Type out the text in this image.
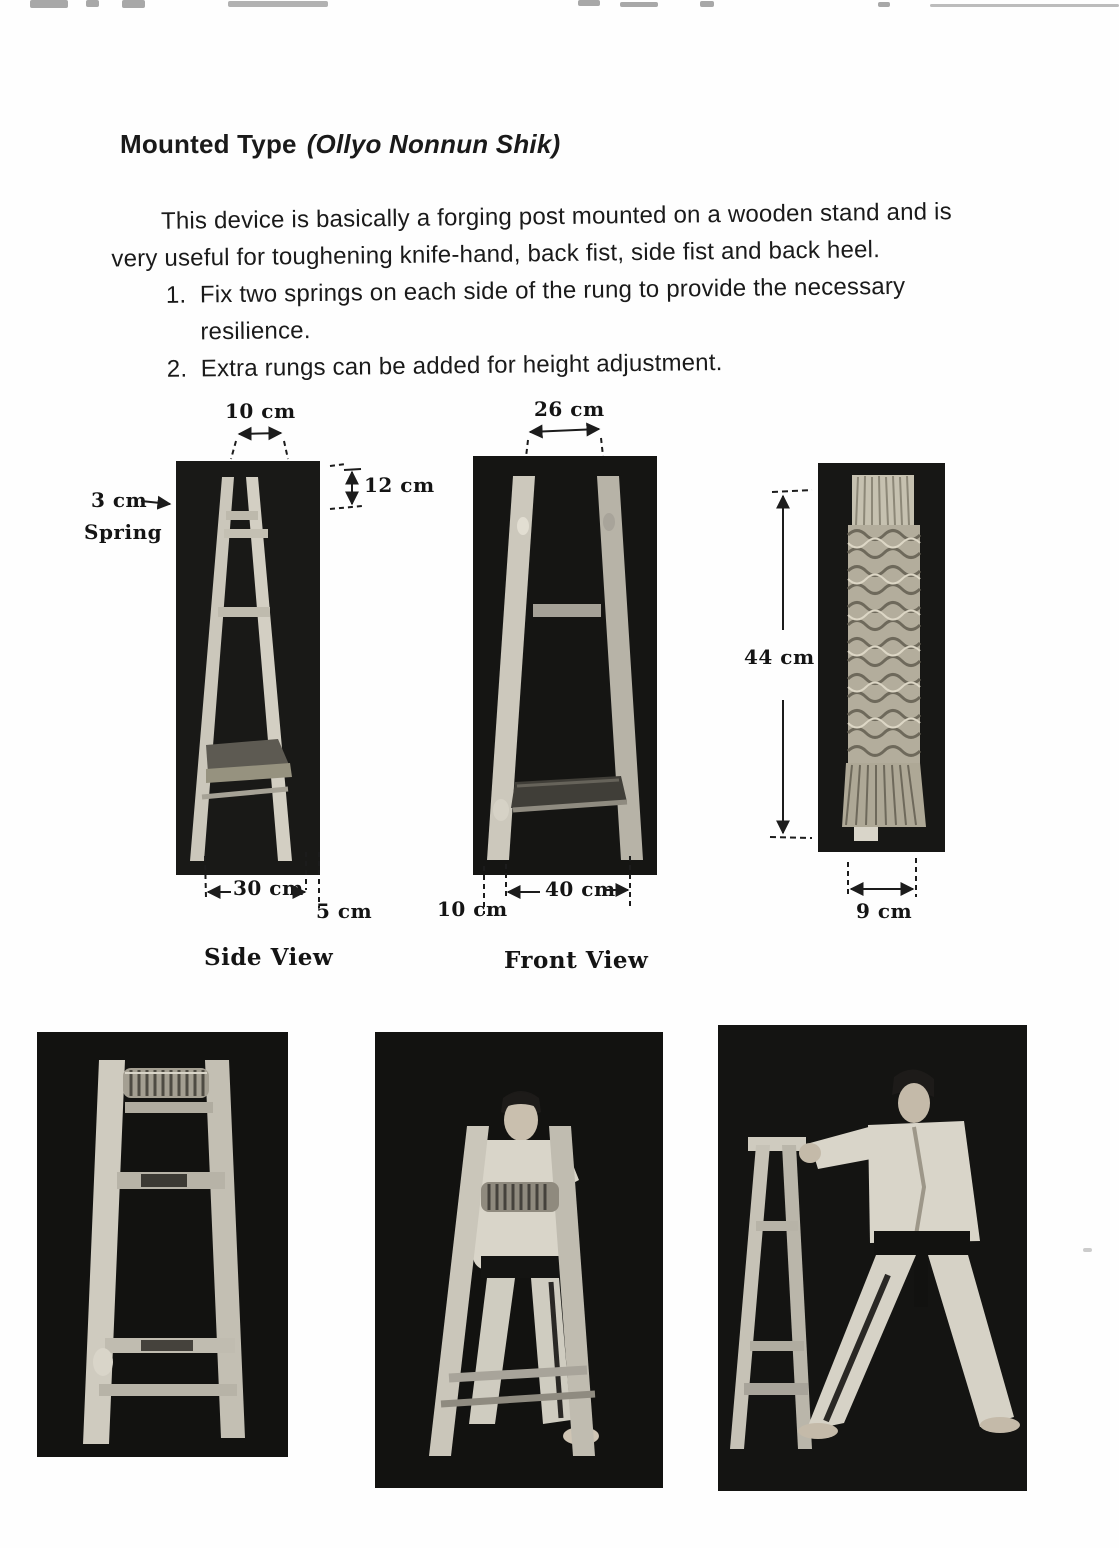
Mounted Type (Ollyo Nonnun Shik)

This device is basically a forging post mounted on a wooden stand and is very useful for toughening knife-hand, back fist, side fist and back heel.

1. Fix two springs on each side of the rung to provide the necessary resilience.
2. Extra rungs can be added for height adjustment.
10 cm
12 cm
3 cm
Spring
30 cm
5 cm
26 cm
40 cm
10 cm
44 cm
9 cm
Side View	Front View
